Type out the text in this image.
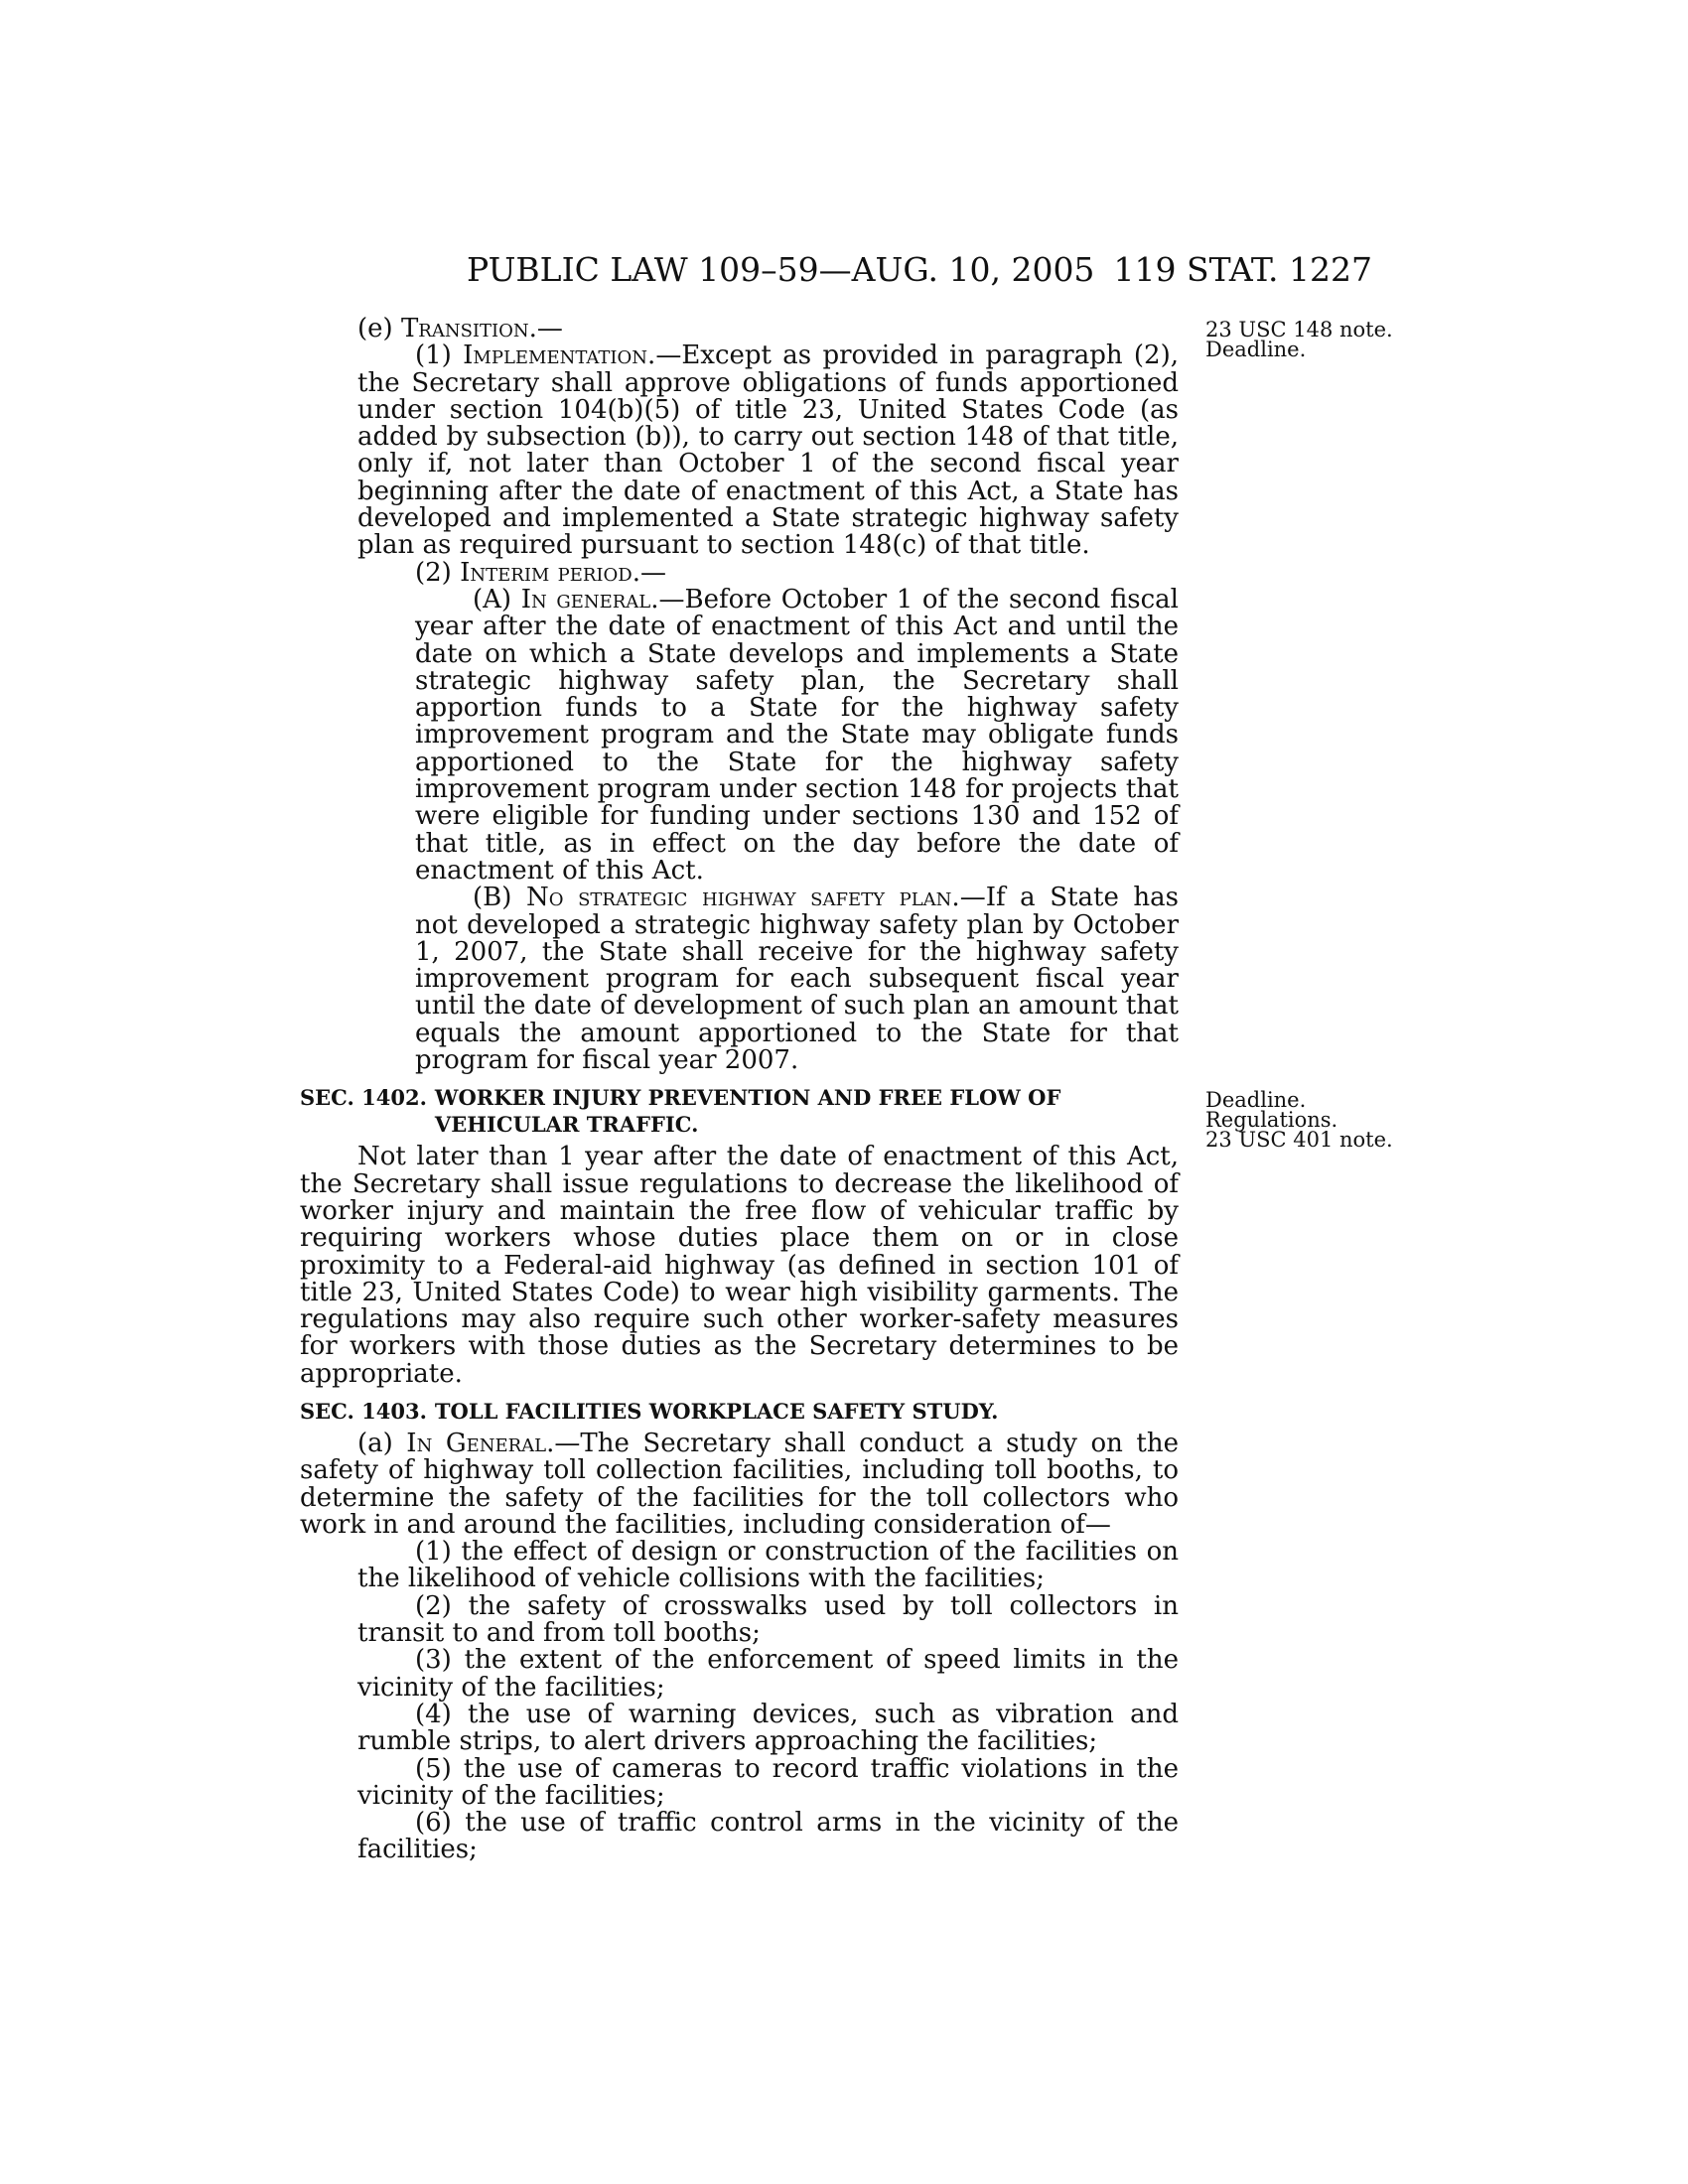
PUBLIC LAW 109–59—AUG. 10, 2005 119 STAT. 1227
23 USC 148 note.
Deadline.
Deadline.
Regulations.
23 USC 401 note.

(e) Transition.—

(1) Implementation.—Except as provided in paragraph (2), the Secretary shall approve obligations of funds apportioned under section 104(b)(5) of title 23, United States Code (as added by subsection (b)), to carry out section 148 of that title, only if, not later than October 1 of the second fiscal year beginning after the date of enactment of this Act, a State has developed and implemented a State strategic highway safety plan as required pursuant to section 148(c) of that title.

(2) Interim period.—

(A) In general.—Before October 1 of the second fiscal year after the date of enactment of this Act and until the date on which a State develops and implements a State strategic highway safety plan, the Secretary shall apportion funds to a State for the highway safety improvement program and the State may obligate funds apportioned to the State for the highway safety improvement program under section 148 for projects that were eligible for funding under sections 130 and 152 of that title, as in effect on the day before the date of enactment of this Act.

(B) No strategic highway safety plan.—If a State has not developed a strategic highway safety plan by October 1, 2007, the State shall receive for the highway safety improvement program for each subsequent fiscal year until the date of development of such plan an amount that equals the amount apportioned to the State for that program for fiscal year 2007.

SEC. 1402. WORKER INJURY PREVENTION AND FREE FLOW OF VEHICULAR TRAFFIC.

Not later than 1 year after the date of enactment of this Act, the Secretary shall issue regulations to decrease the likelihood of worker injury and maintain the free flow of vehicular traffic by requiring workers whose duties place them on or in close proximity to a Federal-aid highway (as defined in section 101 of title 23, United States Code) to wear high visibility garments. The regulations may also require such other worker-safety measures for workers with those duties as the Secretary determines to be appropriate.

SEC. 1403. TOLL FACILITIES WORKPLACE SAFETY STUDY.

(a) In General.—The Secretary shall conduct a study on the safety of highway toll collection facilities, including toll booths, to determine the safety of the facilities for the toll collectors who work in and around the facilities, including consideration of—

(1) the effect of design or construction of the facilities on the likelihood of vehicle collisions with the facilities;

(2) the safety of crosswalks used by toll collectors in transit to and from toll booths;

(3) the extent of the enforcement of speed limits in the vicinity of the facilities;

(4) the use of warning devices, such as vibration and rumble strips, to alert drivers approaching the facilities;

(5) the use of cameras to record traffic violations in the vicinity of the facilities;

(6) the use of traffic control arms in the vicinity of the facilities;
